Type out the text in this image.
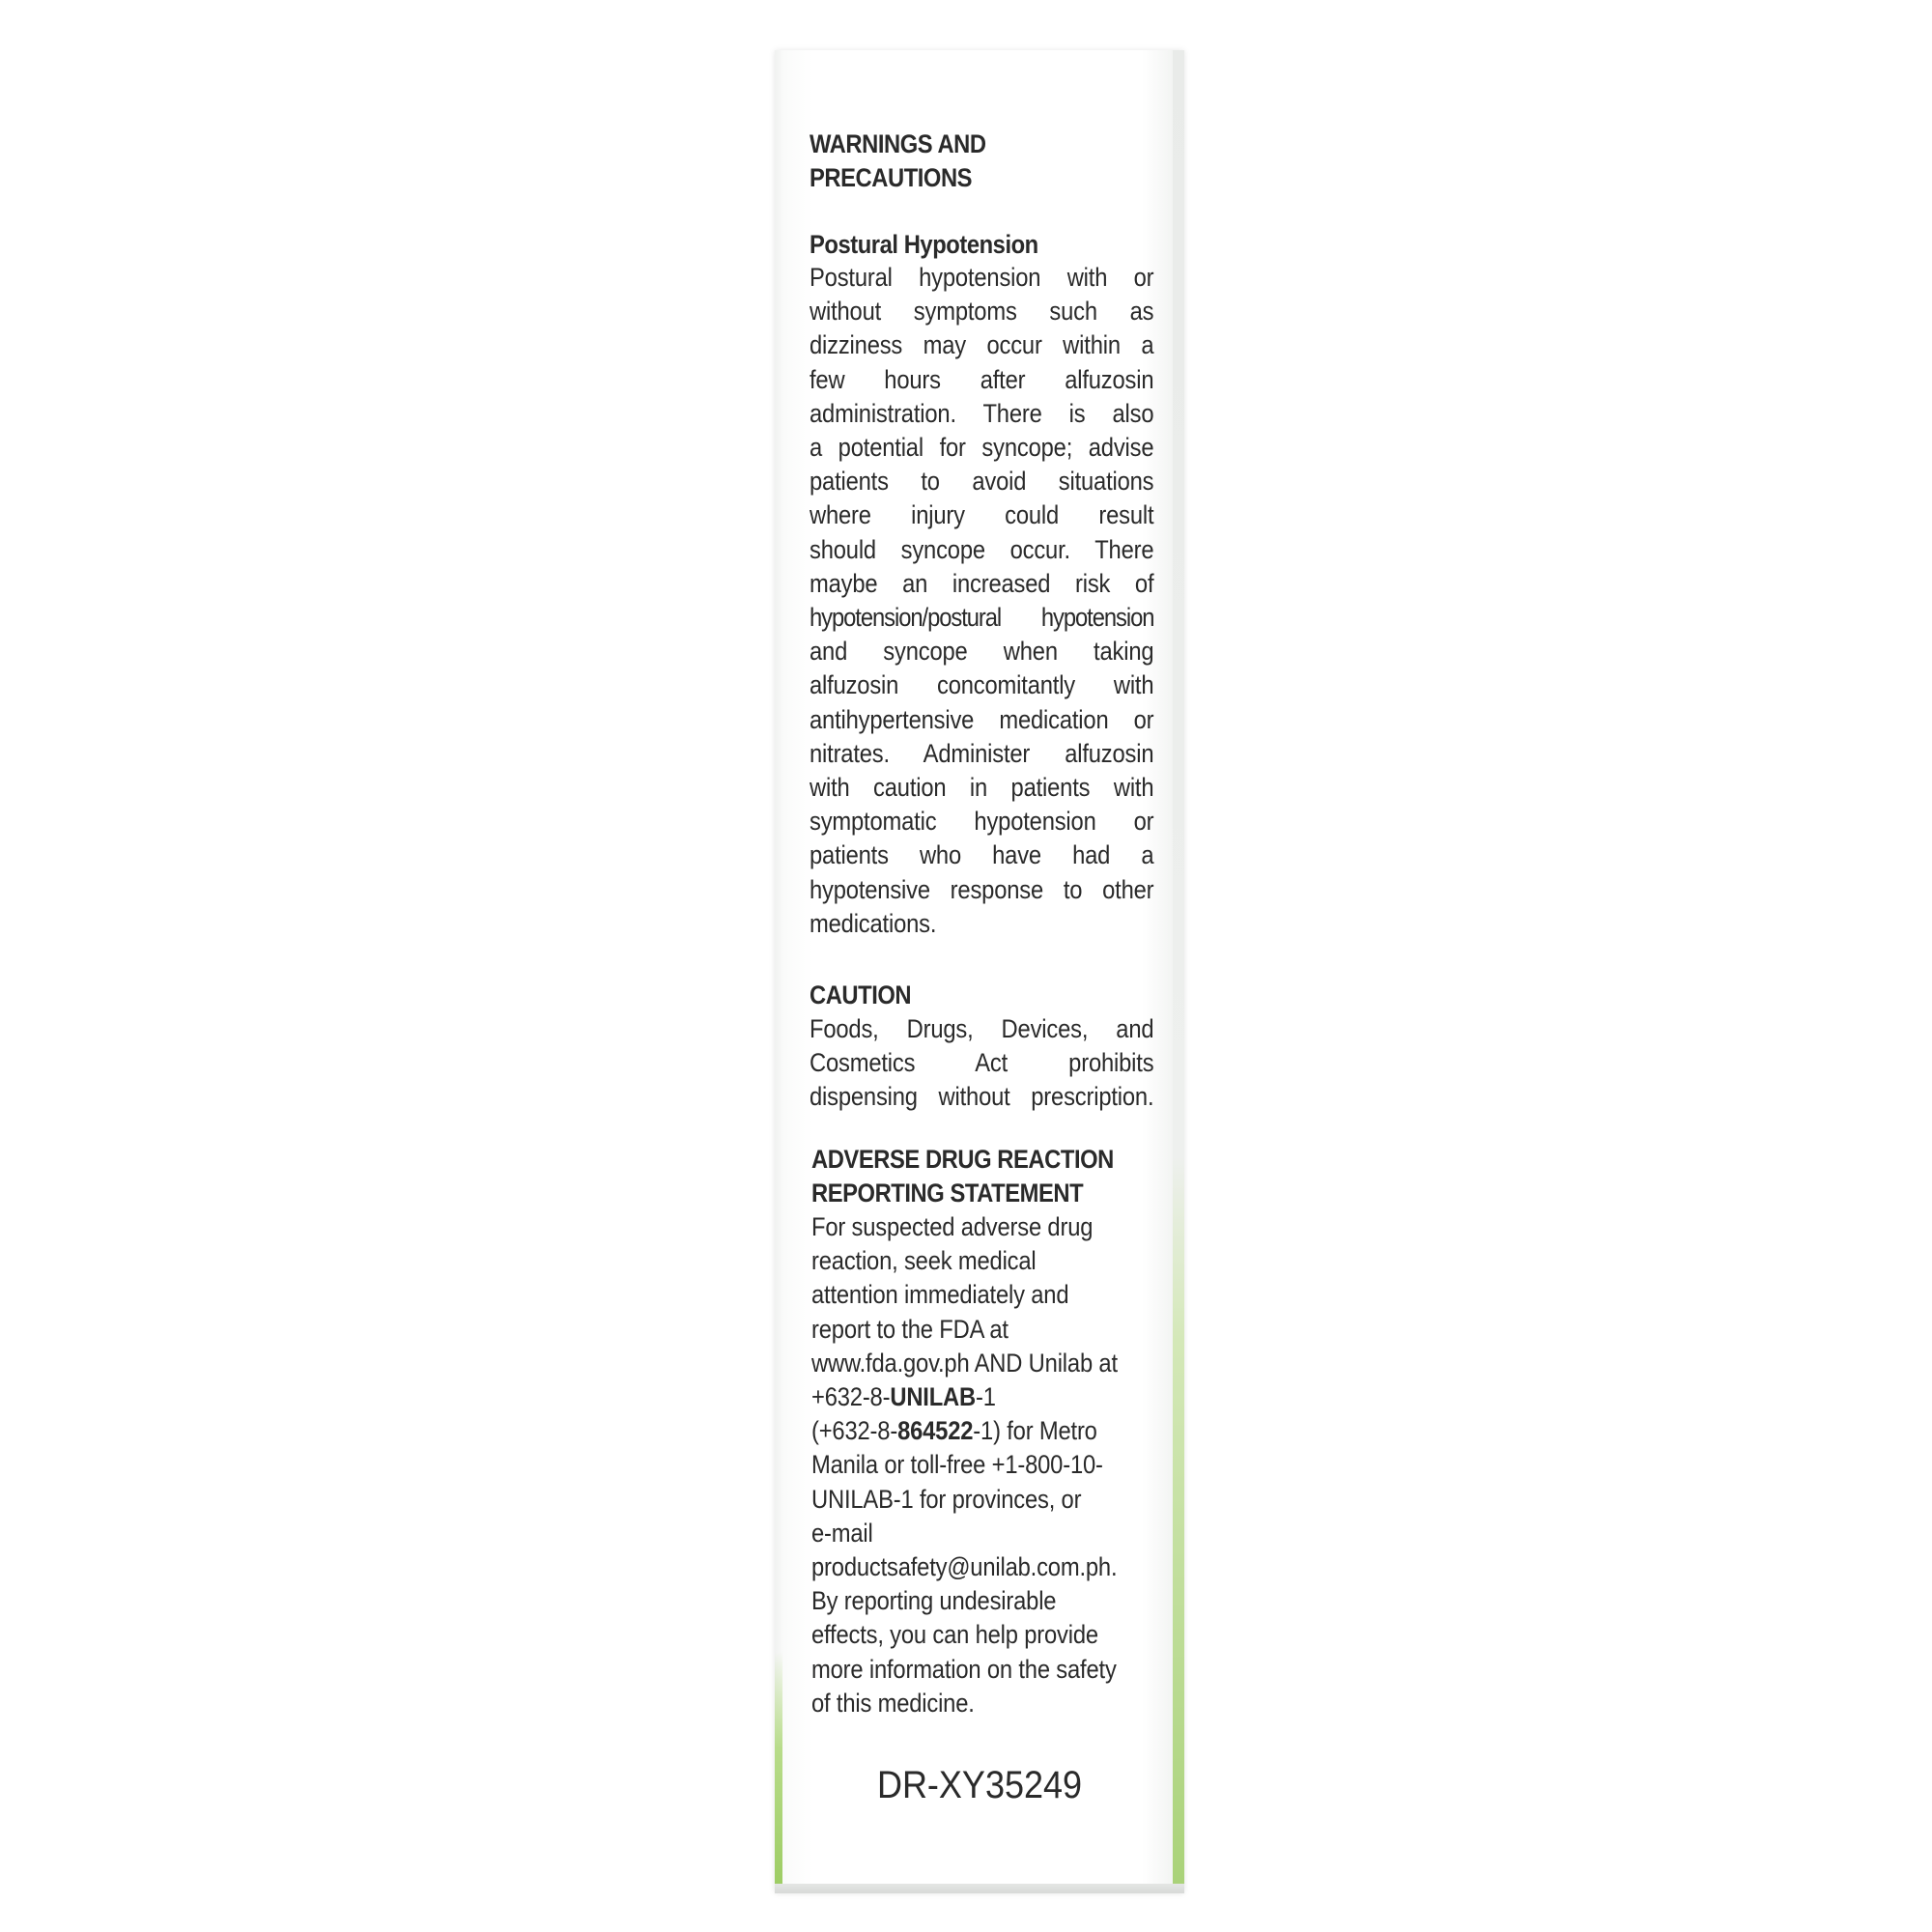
WARNINGS AND
PRECAUTIONS
Postural Hypotension
Postural hypotension with or
without symptoms such as
dizziness may occur within a
few hours after alfuzosin
administration. There is also
a potential for syncope; advise
patients to avoid situations
where injury could result
should syncope occur. There
maybe an increased risk of
hypotension/postural hypotension
and syncope when taking
alfuzosin concomitantly with
antihypertensive medication or
nitrates. Administer alfuzosin
with caution in patients with
symptomatic hypotension or
patients who have had a
hypotensive response to other
medications.
CAUTION
Foods, Drugs, Devices, and
Cosmetics Act prohibits
dispensing without prescription.
ADVERSE DRUG REACTION
REPORTING STATEMENT
For suspected adverse drug
reaction, seek medical
attention immediately and
report to the FDA at
www.fda.gov.ph AND Unilab at
+632-8-UNILAB-1
(+632-8-864522-1) for Metro
Manila or toll-free +1-800-10-
UNILAB-1 for provinces, or
e-mail
productsafety@unilab.com.ph.
By reporting undesirable
effects, you can help provide
more information on the safety
of this medicine.
DR-XY35249
